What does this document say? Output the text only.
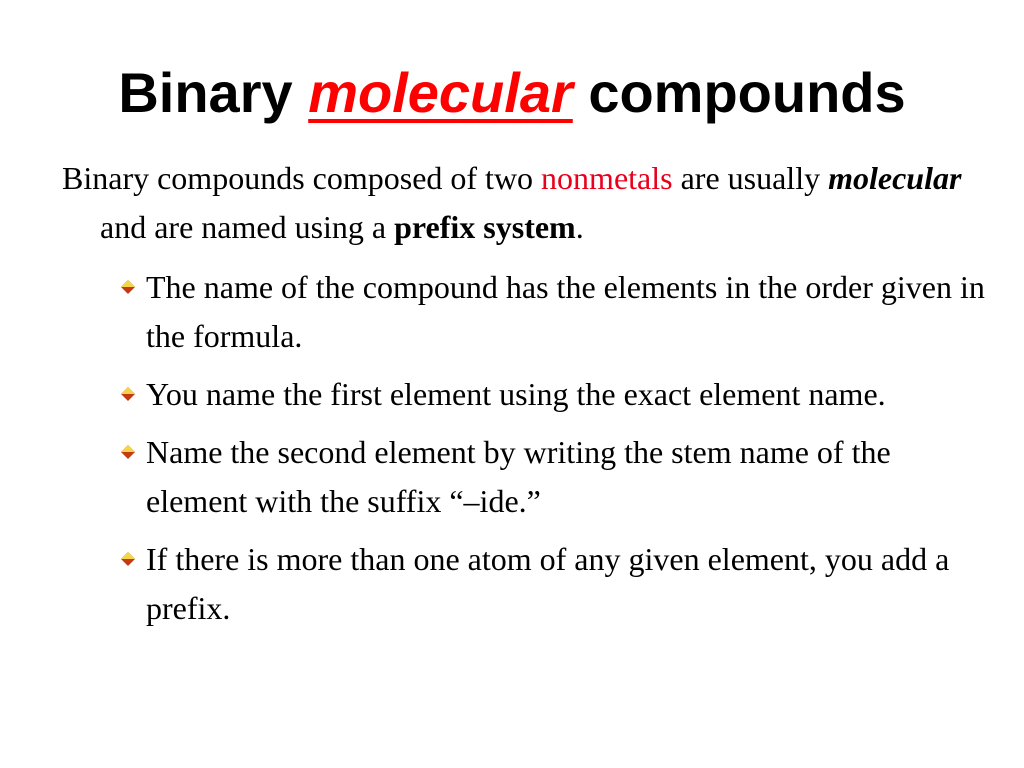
Binary molecular compounds

Binary compounds composed of two nonmetals are usually molecular and are named using a prefix system.

The name of the compound has the elements in the order given in the formula.
You name the first element using the exact element name.
Name the second element by writing the stem name of the element with the suffix “–ide.”
If there is more than one atom of any given element, you add a prefix.
